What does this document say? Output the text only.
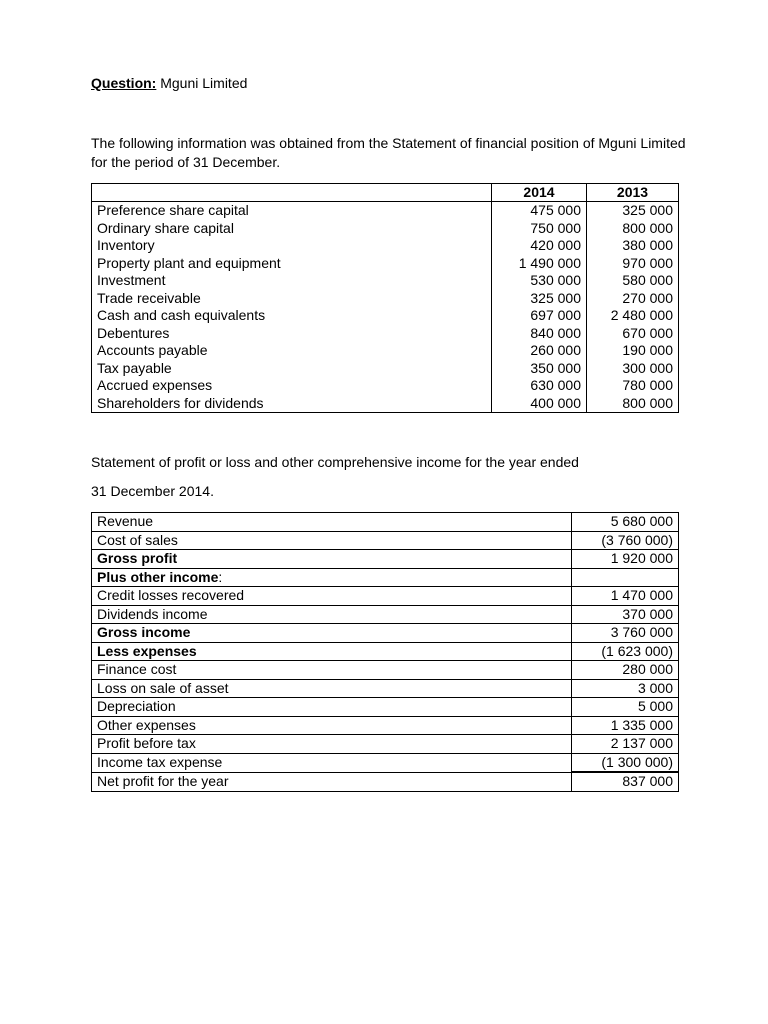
Question: Mguni Limited
The following information was obtained from the Statement of financial position of Mguni Limited for the period of 31 December.
	2014	2013
Preference share capital	475 000	325 000
Ordinary share capital	750 000	800 000
Inventory	420 000	380 000
Property plant and equipment	1 490 000	970 000
Investment	530 000	580 000
Trade receivable	325 000	270 000
Cash and cash equivalents	697 000	2 480 000
Debentures	840 000	670 000
Accounts payable	260 000	190 000
Tax payable	350 000	300 000
Accrued expenses	630 000	780 000
Shareholders for dividends	400 000	800 000
Statement of profit or loss and other comprehensive income for the year ended
31 December 2014.
Revenue	5 680 000
Cost of sales	(3 760 000)
Gross profit	1 920 000
Plus other income:	
Credit losses recovered	1 470 000
Dividends income	370 000
Gross income	3 760 000
Less expenses	(1 623 000)
Finance cost	280 000
Loss on sale of asset	3 000
Depreciation	5 000
Other expenses	1 335 000
Profit before tax	2 137 000
Income tax expense	(1 300 000)
Net profit for the year	837 000
